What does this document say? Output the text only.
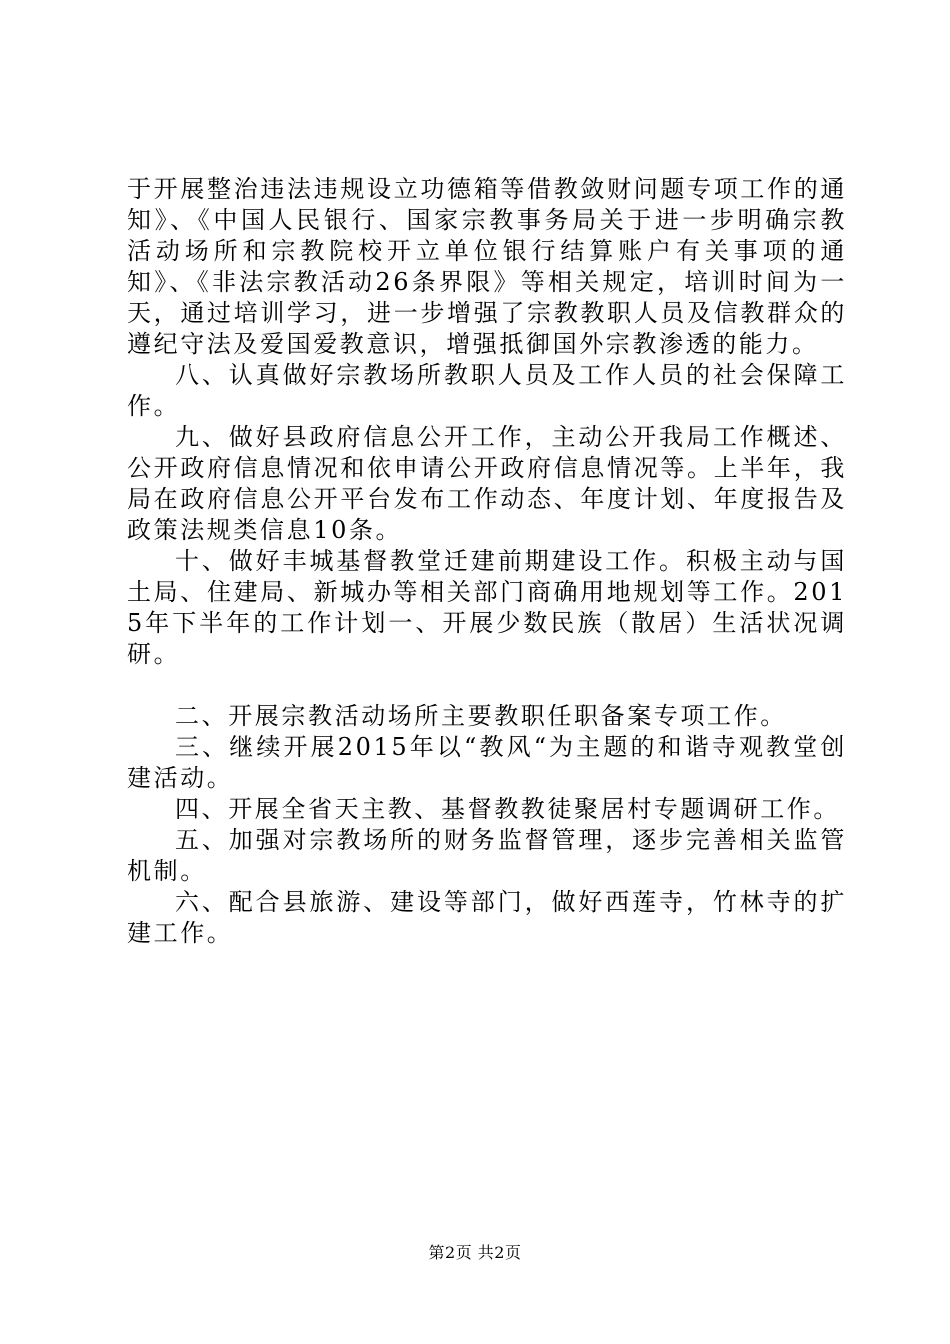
于开展整治违法违规设立功德箱等借教敛财问题专项工作的通知》、《中国人民银行、国家宗教事务局关于进一步明确宗教活动场所和宗教院校开立单位银行结算账户有关事项的通知》、《非法宗教活动26条界限》等相关规定，培训时间为一天，通过培训学习，进一步增强了宗教教职人员及信教群众的遵纪守法及爱国爱教意识，增强抵御国外宗教渗透的能力。

八、认真做好宗教场所教职人员及工作人员的社会保障工作。

九、做好县政府信息公开工作，主动公开我局工作概述、公开政府信息情况和依申请公开政府信息情况等。上半年，我局在政府信息公开平台发布工作动态、年度计划、年度报告及政策法规类信息10条。

十、做好丰城基督教堂迁建前期建设工作。积极主动与国土局、住建局、新城办等相关部门商确用地规划等工作。2015年下半年的工作计划一、开展少数民族（散居）生活状况调研。

二、开展宗教活动场所主要教职任职备案专项工作。

三、继续开展2015年以“教风“为主题的和谐寺观教堂创建活动。

四、开展全省天主教、基督教教徒聚居村专题调研工作。

五、加强对宗教场所的财务监督管理，逐步完善相关监管机制。

六、配合县旅游、建设等部门，做好西莲寺，竹林寺的扩建工作。

第2页 共2页
